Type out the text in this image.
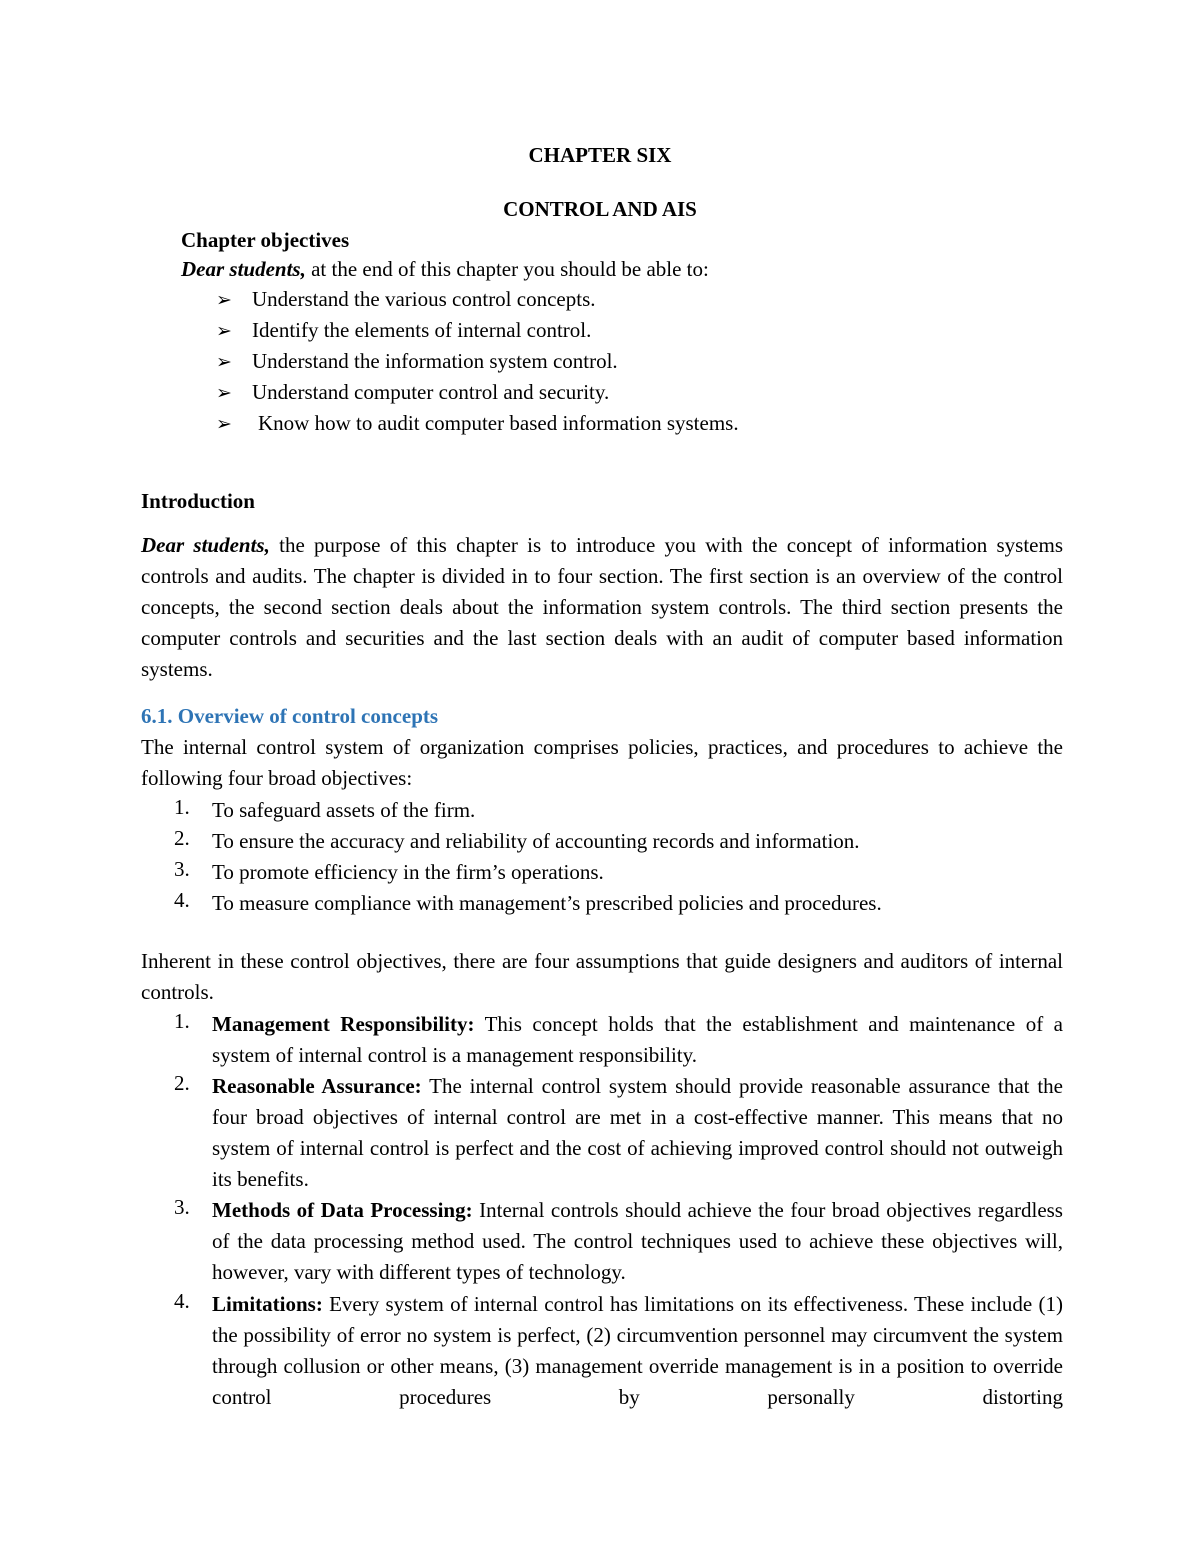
CHAPTER SIX
CONTROL AND AIS
Chapter objectives
Dear students, at the end of this chapter you should be able to:
➢ Understand the various control concepts.
➢ Identify the elements of internal control.
➢ Understand the information system control.
➢ Understand computer control and security.
➢ Know how to audit computer based information systems.
Introduction
Dear students, the purpose of this chapter is to introduce you with the concept of information systems controls and audits. The chapter is divided in to four section. The first section is an overview of the control concepts, the second section deals about the information system controls. The third section presents the computer controls and securities and the last section deals with an audit of computer based information systems.
6.1. Overview of control concepts
The internal control system of organization comprises policies, practices, and procedures to achieve the following four broad objectives:
1. To safeguard assets of the firm.
2. To ensure the accuracy and reliability of accounting records and information.
3. To promote efficiency in the firm’s operations.
4. To measure compliance with management’s prescribed policies and procedures.
Inherent in these control objectives, there are four assumptions that guide designers and auditors of internal controls.
1. Management Responsibility: This concept holds that the establishment and maintenance of a system of internal control is a management responsibility.
2. Reasonable Assurance: The internal control system should provide reasonable assurance that the four broad objectives of internal control are met in a cost-effective manner. This means that no system of internal control is perfect and the cost of achieving improved control should not outweigh its benefits.
3. Methods of Data Processing: Internal controls should achieve the four broad objectives regardless of the data processing method used. The control techniques used to achieve these objectives will, however, vary with different types of technology.
4. Limitations: Every system of internal control has limitations on its effectiveness. These include (1) the possibility of error no system is perfect, (2) circumvention personnel may circumvent the system through collusion or other means, (3) management override management is in a position to override control procedures by personally distorting
